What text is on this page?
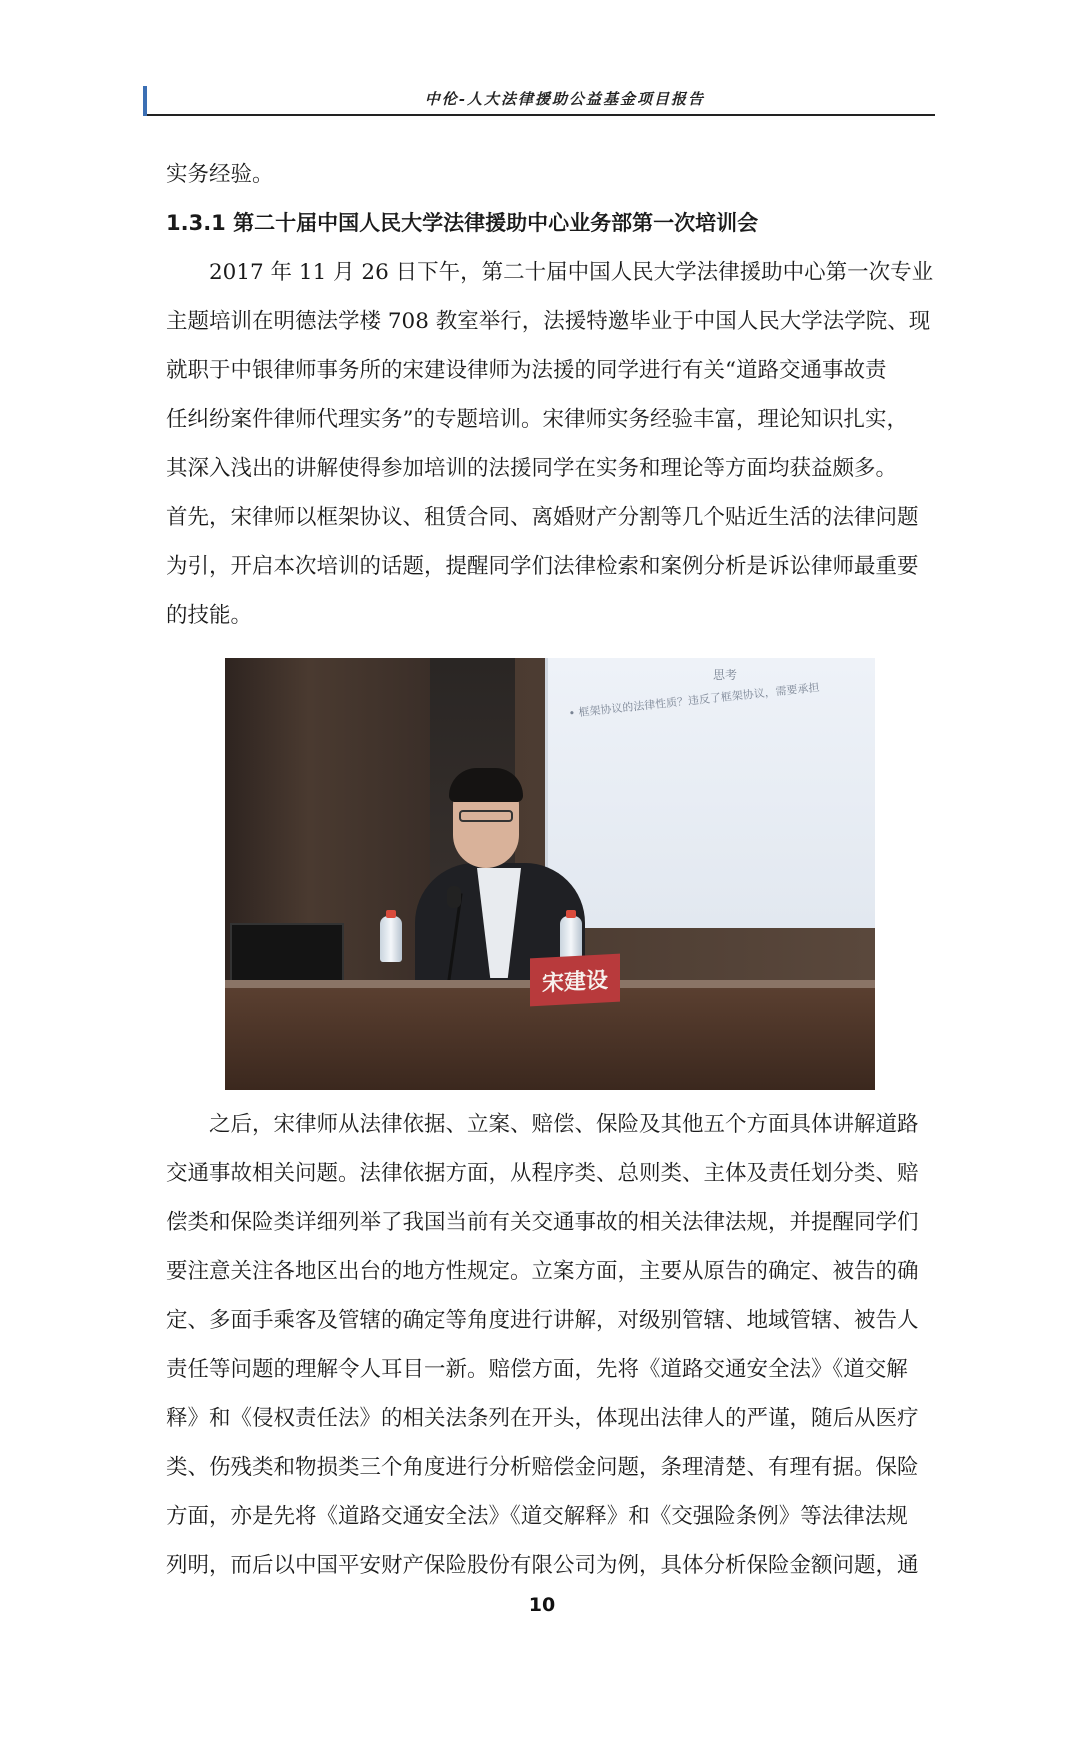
中伦-人大法律援助公益基金项目报告
实务经验。
1.3.1 第二十届中国人民大学法律援助中心业务部第一次培训会
2017 年 11 月 26 日下午，第二十届中国人民大学法律援助中心第一次专业
主题培训在明德法学楼 708 教室举行，法援特邀毕业于中国人民大学法学院、现
就职于中银律师事务所的宋建设律师为法援的同学进行有关“道路交通事故责
任纠纷案件律师代理实务”的专题培训。宋律师实务经验丰富，理论知识扎实，
其深入浅出的讲解使得参加培训的法援同学在实务和理论等方面均获益颇多。
首先，宋律师以框架协议、租赁合同、离婚财产分割等几个贴近生活的法律问题
为引，开启本次培训的话题，提醒同学们法律检索和案例分析是诉讼律师最重要
的技能。
思考
• 框架协议的法律性质？违反了框架协议，需要承担
宋建设
之后，宋律师从法律依据、立案、赔偿、保险及其他五个方面具体讲解道路
交通事故相关问题。法律依据方面，从程序类、总则类、主体及责任划分类、赔
偿类和保险类详细列举了我国当前有关交通事故的相关法律法规，并提醒同学们
要注意关注各地区出台的地方性规定。立案方面，主要从原告的确定、被告的确
定、多面手乘客及管辖的确定等角度进行讲解，对级别管辖、地域管辖、被告人
责任等问题的理解令人耳目一新。赔偿方面，先将《道路交通安全法》《道交解
释》和《侵权责任法》的相关法条列在开头，体现出法律人的严谨，随后从医疗
类、伤残类和物损类三个角度进行分析赔偿金问题，条理清楚、有理有据。保险
方面，亦是先将《道路交通安全法》《道交解释》和《交强险条例》等法律法规
列明，而后以中国平安财产保险股份有限公司为例，具体分析保险金额问题，通
10
